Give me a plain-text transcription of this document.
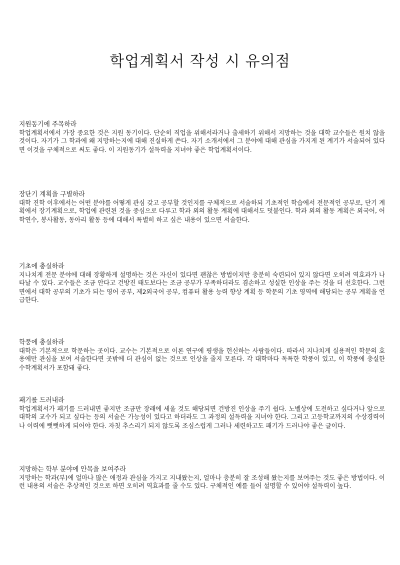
학업계획서 작성 시 유의점
지원동기에 주목하라

학업계획서에서 가장 중요한 것은 지원 동기이다. 단순히 직업을 위해서라거나 출세하기 위해서 지망하는 것을 대학 교수들은 원치 않을 것이다. 자기가 그 학과에 왜 지망하는지에 대해 진실하게 쓴다. 자기 소개서에서 그 분야에 대해 관심을 가지게 된 계기가 서술되어 있다면 이것을 구체적으로 써도 좋다. 이 지원동기가 설득력을 지녀야 좋은 학업계획서이다.

장단기 계획을 구별하라

대학 진학 이후에서는 어떤 분야를 어떻게 관심 갖고 공부할 것인지를 구체적으로 서술하되 기초적인 학습에서 전문적인 공부로, 단기 계획에서 장기계획으로, 학업에 관련된 것을 중심으로 다루고 학과 외의 활동 계획에 대해서도 덧붙인다. 학과 외의 활동 계획은 외국어, 어학연수, 봉사활동, 동아리 활동 등에 대해서 특별히 하고 싶은 내용이 있으면 서술한다.

기초에 충실하라

지나치게 전문 분야에 대해 장황하게 설명하는 것은 자신이 있다면 괜찮은 방법이지만 충분히 숙련되어 있지 않다면 오히려 역효과가 나타날 수 있다. 교수들은 조금 안다고 건방진 태도보다는 조금 공부가 부족하더라도 겸손하고 성실한 인상을 주는 것을 더 선호한다. 그런 면에서 대학 공부의 기초가 되는 영어 공부, 제2외국어 공부, 컴퓨터 활용 능력 향상 계획 등 학문의 기초 영역에 해당되는 공부 계획을 언급한다.

학풍에 충실하라

대학은 기본적으로 학문하는 곳이다. 교수는 기본적으로 이론 연구에 평생을 헌신하는 사람들이다. 따라서 지나치게 실용적인 학문의 효용에만 관심을 보여 서술한다면 곳밖에 더 관심이 없는 것으로 인상을 줄지 모른다. 각 대학마다 독특한 학풍이 있고, 이 학풍에 충실한 수학계획서가 포함돼 좋다.

패기를 드러내라

학업계획서가 패기를 드러내면 좋지만 조금만 장래에 세울 것도 해당되면 건방진 인상을 주기 쉽다. 노벨상에 도전하고 싶다거나 앞으로 대학의 교수가 되고 싶다는 등의 서술은 가능성이 있다고 하더라도 그 과정의 설득력을 지녀야 한다. 그리고 고등학교까지의 수상경력이나 이력에 뻣뻣하게 되어야 한다. 자칫 추스리기 되지 않도록 조심스럽게 그러나 세련하고도 패기가 드러나야 좋은 글이다.

지망하는 학부 분야에 안목을 보여주라

지망하는 학과(부)에 얼마나 많은 애정과 관심을 가지고 지내왔는지, 얼마나 충분히 잘 조성해 왔는지를 보여주는 것도 좋은 방법이다. 이런 내용의 서술은 추상적인 것으로 하면 오히려 역효과를 줄 수도 있다. 구체적인 예를 들어 설명할 수 있어야 설득력이 높다.
